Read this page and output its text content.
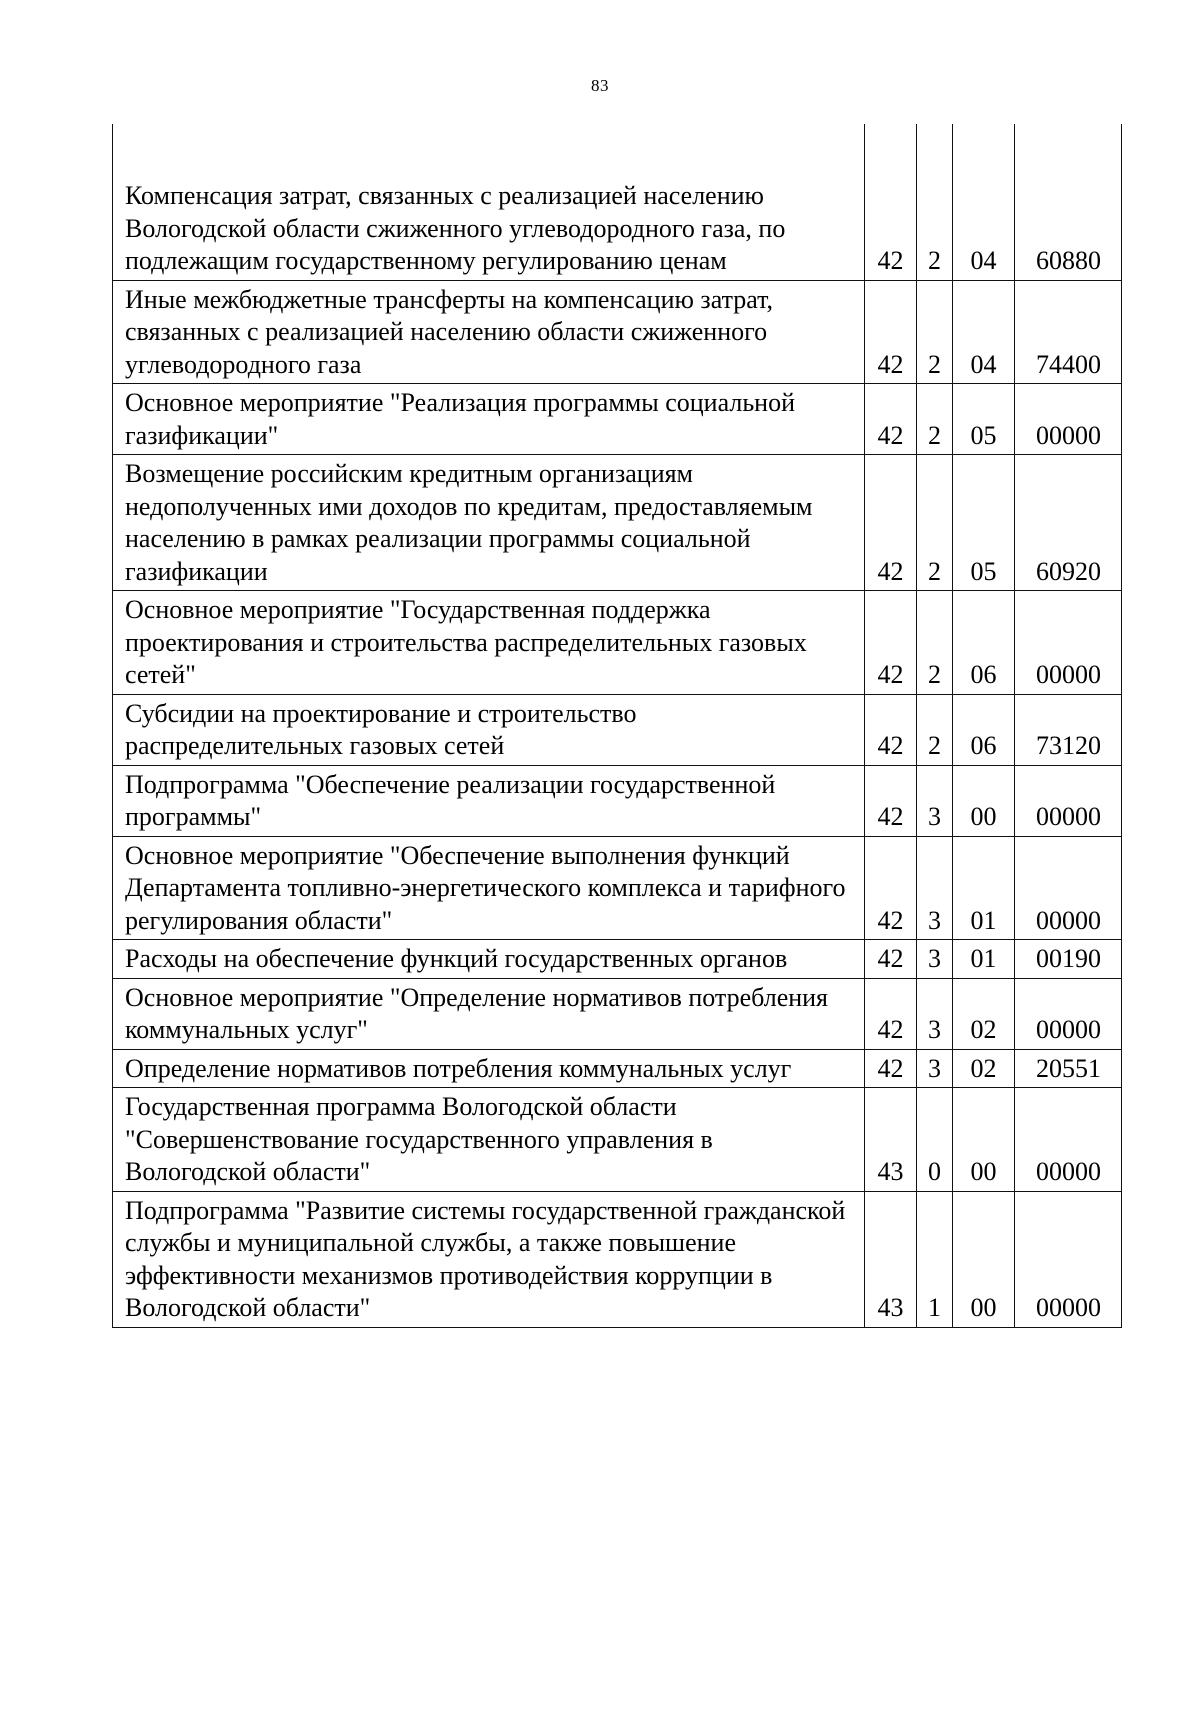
83
Компенсация затрат, связанных с реализацией населению Вологодской области сжиженного углеводородного газа, по подлежащим государственному регулированию ценам	42	2	04	60880
Иные межбюджетные трансферты на компенсацию затрат, связанных с реализацией населению области сжиженного углеводородного газа	42	2	04	74400
Основное мероприятие "Реализация программы социальной газификации"	42	2	05	00000
Возмещение российским кредитным организациям недополученных ими доходов по кредитам, предоставляемым населению в рамках реализации программы социальной газификации	42	2	05	60920
Основное мероприятие "Государственная поддержка проектирования и строительства распределительных газовых сетей"	42	2	06	00000
Субсидии на проектирование и строительство распределительных газовых сетей	42	2	06	73120
Подпрограмма "Обеспечение реализации государственной программы"	42	3	00	00000
Основное мероприятие "Обеспечение выполнения функций Департамента топливно-энергетического комплекса и тарифного регулирования области"	42	3	01	00000
Расходы на обеспечение функций государственных органов	42	3	01	00190
Основное мероприятие "Определение нормативов потребления коммунальных услуг"	42	3	02	00000
Определение нормативов потребления коммунальных услуг	42	3	02	20551
Государственная программа Вологодской области "Совершенствование государственного управления в Вологодской области"	43	0	00	00000
Подпрограмма "Развитие системы государственной гражданской службы и муниципальной службы, а также повышение эффективности механизмов противодействия коррупции в Вологодской области"	43	1	00	00000
